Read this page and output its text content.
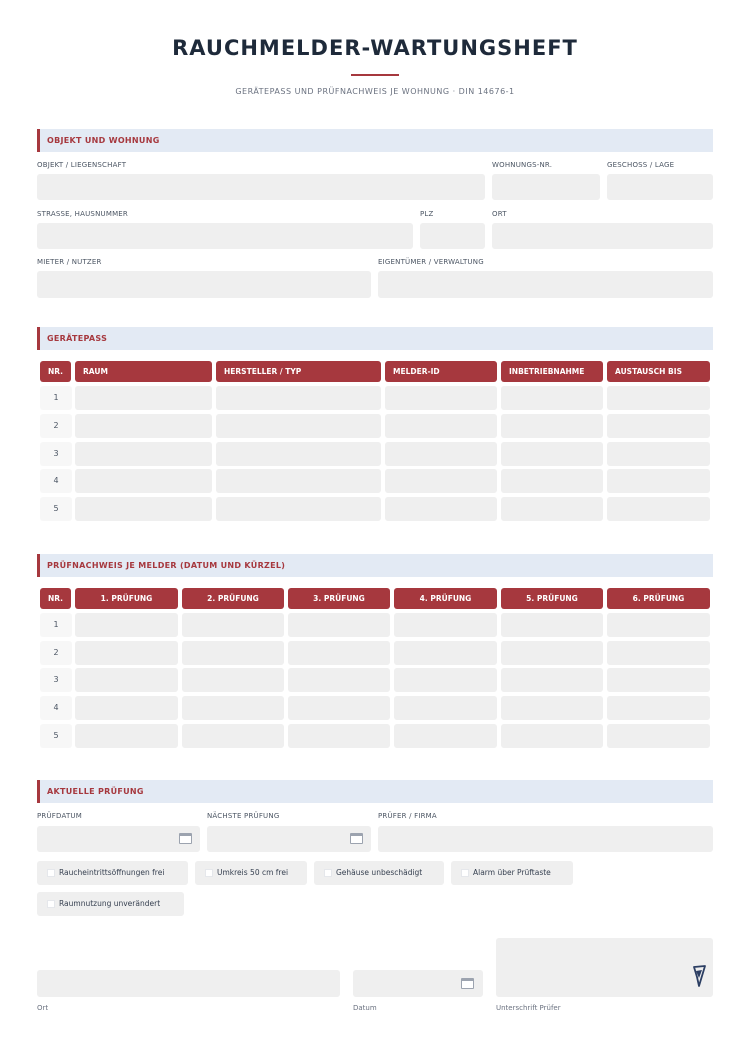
RAUCHMELDER-WARTUNGSHEFT
GERÄTEPASS UND PRÜFNACHWEIS JE WOHNUNG · DIN 14676-1
OBJEKT UND WOHNUNG
OBJEKT / LIEGENSCHAFT	WOHNUNGS-NR.	GESCHOSS / LAGE
STRASSE, HAUSNUMMER	PLZ	ORT
MIETER / NUTZER	EIGENTÜMER / VERWALTUNG
GERÄTEPASS
NR.	RAUM	HERSTELLER / TYP	MELDER-ID	INBETRIEBNAHME	AUSTAUSCH BIS
1
2
3
4
5
PRÜFNACHWEIS JE MELDER (DATUM UND KÜRZEL)
NR.	1. PRÜFUNG	2. PRÜFUNG	3. PRÜFUNG	4. PRÜFUNG	5. PRÜFUNG	6. PRÜFUNG
1
2
3
4
5
AKTUELLE PRÜFUNG
PRÜFDATUM	NÄCHSTE PRÜFUNG	PRÜFER / FIRMA
Raucheintrittsöffnungen frei	Umkreis 50 cm frei	Gehäuse unbeschädigt	Alarm über Prüftaste
Raumnutzung unverändert
Ort	Datum	Unterschrift Prüfer
